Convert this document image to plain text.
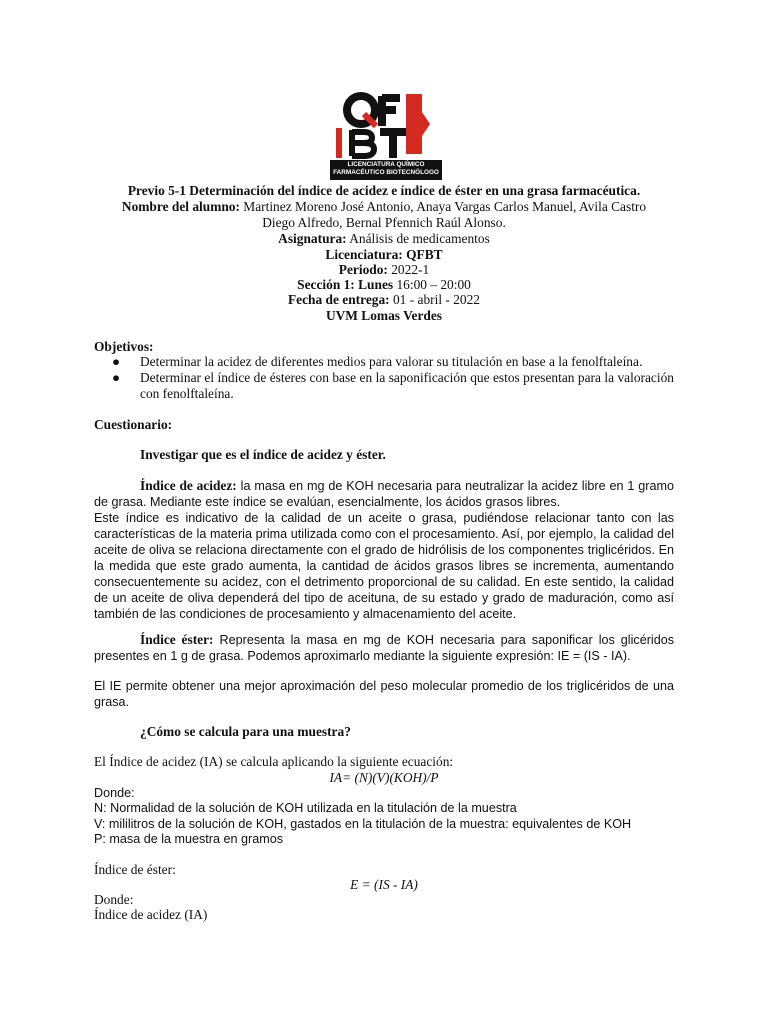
LICENCIATURA QUÍMICO
FARMACÉUTICO BIOTECNÓLOGO
Previo 5-1 Determinación del índice de acidez e índice de éster en una grasa farmacéutica.
Nombre del alumno: Martinez Moreno José Antonio, Anaya Vargas Carlos Manuel, Avila Castro
Diego Alfredo, Bernal Pfennich Raúl Alonso.
Asignatura: Análisis de medicamentos
Licenciatura: QFBT
Periodo: 2022-1
Sección 1: Lunes 16:00 – 20:00
Fecha de entrega: 01 - abril - 2022
UVM Lomas Verdes
Objetivos:
● Determinar la acidez de diferentes medios para valorar su titulación en base a la fenolftaleína.
● Determinar el índice de ésteres con base en la saponificación que estos presentan para la valoración con fenolftaleína.
Cuestionario:
Investigar que es el índice de acidez y éster.
Índice de acidez: la masa en mg de KOH necesaria para neutralizar la acidez libre en 1 gramo de grasa. Mediante este índice se evalúan, esencialmente, los ácidos grasos libres.
Este índice es indicativo de la calidad de un aceite o grasa, pudiéndose relacionar tanto con las características de la materia prima utilizada como con el procesamiento. Así, por ejemplo, la calidad del aceite de oliva se relaciona directamente con el grado de hidrólisis de los componentes triglicéridos. En la medida que este grado aumenta, la cantidad de ácidos grasos libres se incrementa, aumentando consecuentemente su acidez, con el detrimento proporcional de su calidad. En este sentido, la calidad de un aceite de oliva dependerá del tipo de aceituna, de su estado y grado de maduración, como así también de las condiciones de procesamiento y almacenamiento del aceite.
Índice éster: Representa la masa en mg de KOH necesaria para saponificar los glicéridos presentes en 1 g de grasa. Podemos aproximarlo mediante la siguiente expresión: IE = (IS - IA).
El IE permite obtener una mejor aproximación del peso molecular promedio de los triglicéridos de una grasa.
¿Cómo se calcula para una muestra?
El Índice de acidez (IA) se calcula aplicando la siguiente ecuación:
IA= (N)(V)(KOH)/P
Donde:
N: Normalidad de la solución de KOH utilizada en la titulación de la muestra
V: mililitros de la solución de KOH, gastados en la titulación de la muestra: equivalentes de KOH
P: masa de la muestra en gramos
Índice de éster:
E = (IS - IA)
Donde:
Índice de acidez (IA)
